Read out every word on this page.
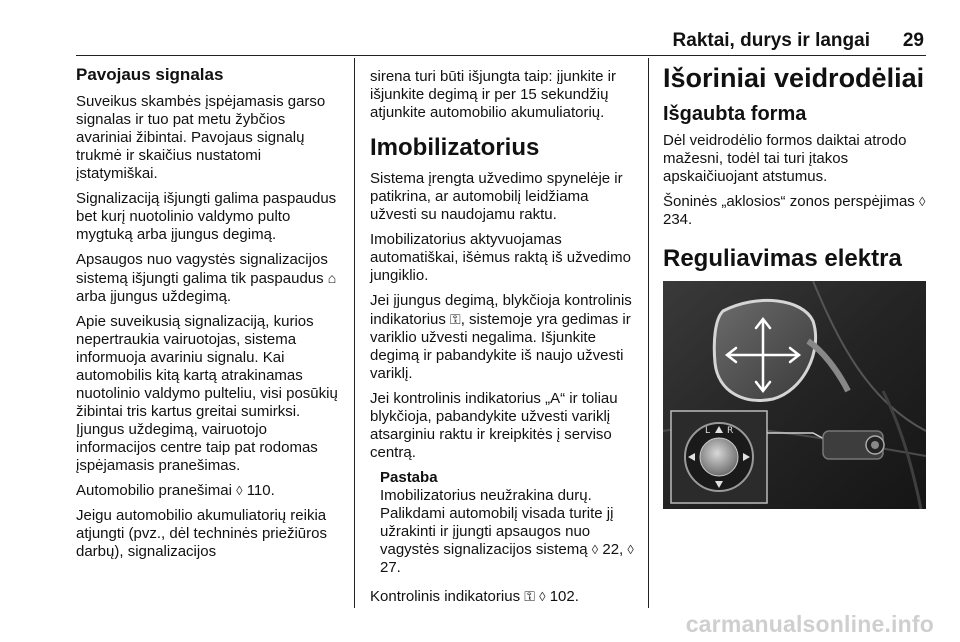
Raktai, durys ir langai 29
Pavojaus signalas

Suveikus skambės įspėjamasis garso signalas ir tuo pat metu žybčios avariniai žibintai. Pavojaus signalų trukmė ir skaičius nustatomi įstatymiškai.

Signalizaciją išjungti galima paspaudus bet kurį nuotolinio valdymo pulto mygtuką arba įjungus degimą.

Apsaugos nuo vagystės signalizacijos sistemą išjungti galima tik paspaudus ⌂ arba įjungus uždegimą.

Apie suveikusią signalizaciją, kurios nepertraukia vairuotojas, sistema informuoja avariniu signalu. Kai automobilis kitą kartą atrakinamas nuotolinio valdymo pulteliu, visi posūkių žibintai tris kartus greitai sumirksi. Įjungus uždegimą, vairuotojo informacijos centre taip pat rodomas įspėjamasis pranešimas.

Automobilio pranešimai ◊ 110.

Jeigu automobilio akumuliatorių reikia atjungti (pvz., dėl techninės priežiūros darbų), signalizacijos

sirena turi būti išjungta taip: įjunkite ir išjunkite degimą ir per 15 sekundžių atjunkite automobilio akumuliatorių.

Imobilizatorius

Sistema įrengta užvedimo spynelėje ir patikrina, ar automobilį leidžiama užvesti su naudojamu raktu.

Imobilizatorius aktyvuojamas automatiškai, išėmus raktą iš užvedimo jungiklio.

Jei įjungus degimą, blykčioja kontrolinis indikatorius ⚿, sistemoje yra gedimas ir variklio užvesti negalima. Išjunkite degimą ir pabandykite iš naujo užvesti variklį.

Jei kontrolinis indikatorius „A“ ir toliau blykčioja, pabandykite užvesti variklį atsarginiu raktu ir kreipkitės į serviso centrą.

Pastaba

Imobilizatorius neužrakina durų. Palikdami automobilį visada turite jį užrakinti ir įjungti apsaugos nuo vagystės signalizacijos sistemą ◊ 22, ◊ 27.

Kontrolinis indikatorius ⚿ ◊ 102.

Išoriniai veidrodėliai
Išgaubta forma

Dėl veidrodėlio formos daiktai atrodo mažesni, todėl tai turi įtakos apskaičiuojant atstumus.

Šoninės „aklosios“ zonos perspėjimas ◊ 234.

Reguliavimas elektra
L R
carmanualsonline.info
